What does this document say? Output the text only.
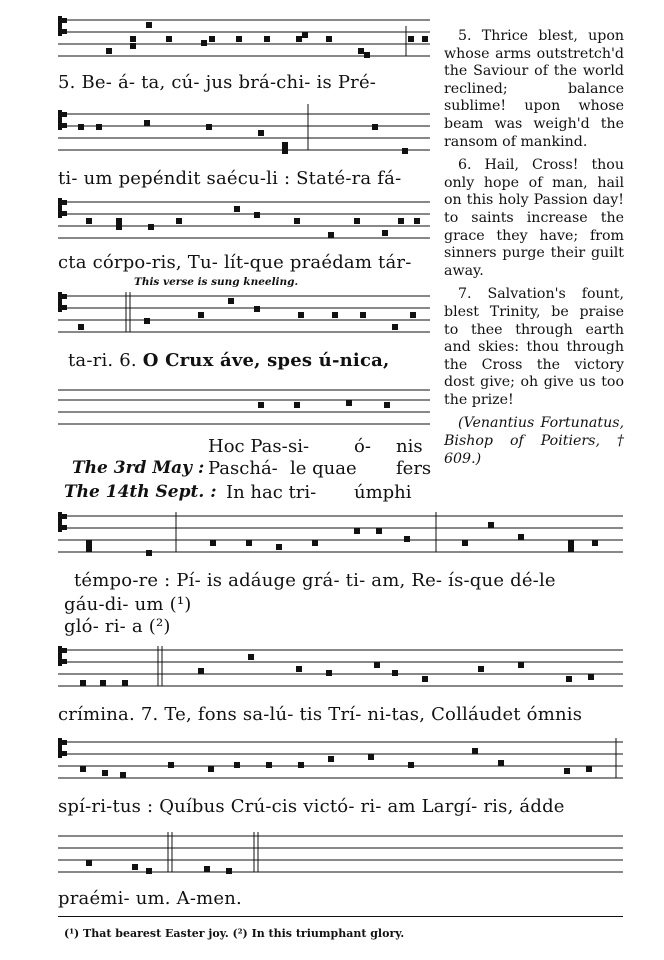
5. Be- á- ta, cú- jus brá-chi- is Pré-
ti- um pepéndit saécu-li : Staté-ra fá-
cta córpo-ris, Tu- lít-que praédam tár-
This verse is sung kneeling.
ta-ri. 6. O Crux áve, spes ú-nica,
Hoc Pas- si- ó- nis
The 3rd May : Paschá- le quae fers
The 14th Sept. : In hac tri- úmphi

5. Thrice blest, upon whose arms outstretch'd the Saviour of the world reclined; balance sublime! upon whose beam was weigh'd the ransom of mankind.

6. Hail, Cross! thou only hope of man, hail on this holy Passion day! to saints increase the grace they have; from sinners purge their guilt away.

7. Salvation's fount, blest Trinity, be praise to thee through earth and skies: thou through the Cross the victory dost give; oh give us too the prize!

(Venantius Fortunatus, Bishop of Poitiers, † 609.)

témpo-re : Pí- is adáuge grá- ti- am, Re- ís-que dé-le
gáu-di- um (¹)
gló- ri- a (²)
crímina. 7. Te, fons sa-lú- tis Trí- ni-tas, Colláudet ómnis
spí-ri-tus : Quíbus Crú-cis victó- ri- am Largí- ris, ádde
praémi- um. A-men.
(¹) That bearest Easter joy. (²) In this triumphant glory.
